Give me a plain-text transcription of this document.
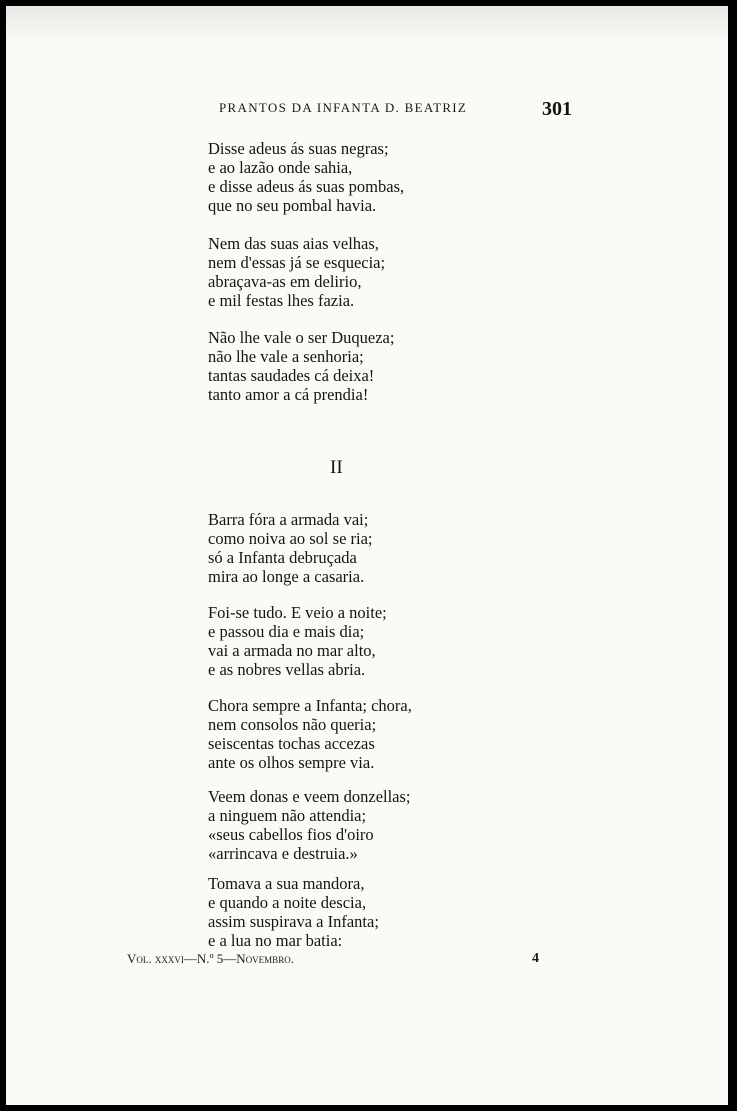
PRANTOS DA INFANTA D. BEATRIZ	301
Disse adeus ás suas negras;
e ao lazão onde sahia,
e disse adeus ás suas pombas,
que no seu pombal havia.
Nem das suas aias velhas,
nem d'essas já se esquecia;
abraçava-as em delirio,
e mil festas lhes fazia.
Não lhe vale o ser Duqueza;
não lhe vale a senhoria;
tantas saudades cá deixa!
tanto amor a cá prendia!
II
Barra fóra a armada vai;
como noiva ao sol se ria;
só a Infanta debruçada
mira ao longe a casaria.
Foi-se tudo. E veio a noite;
e passou dia e mais dia;
vai a armada no mar alto,
e as nobres vellas abria.
Chora sempre a Infanta; chora,
nem consolos não queria;
seiscentas tochas accezas
ante os olhos sempre via.
Veem donas e veem donzellas;
a ninguem não attendia;
«seus cabellos fios d'oiro
«arrincava e destruia.»
Tomava a sua mandora,
e quando a noite descia,
assim suspirava a Infanta;
e a lua no mar batia:
Vol. xxxvi—N.º 5—Novembro.	4
